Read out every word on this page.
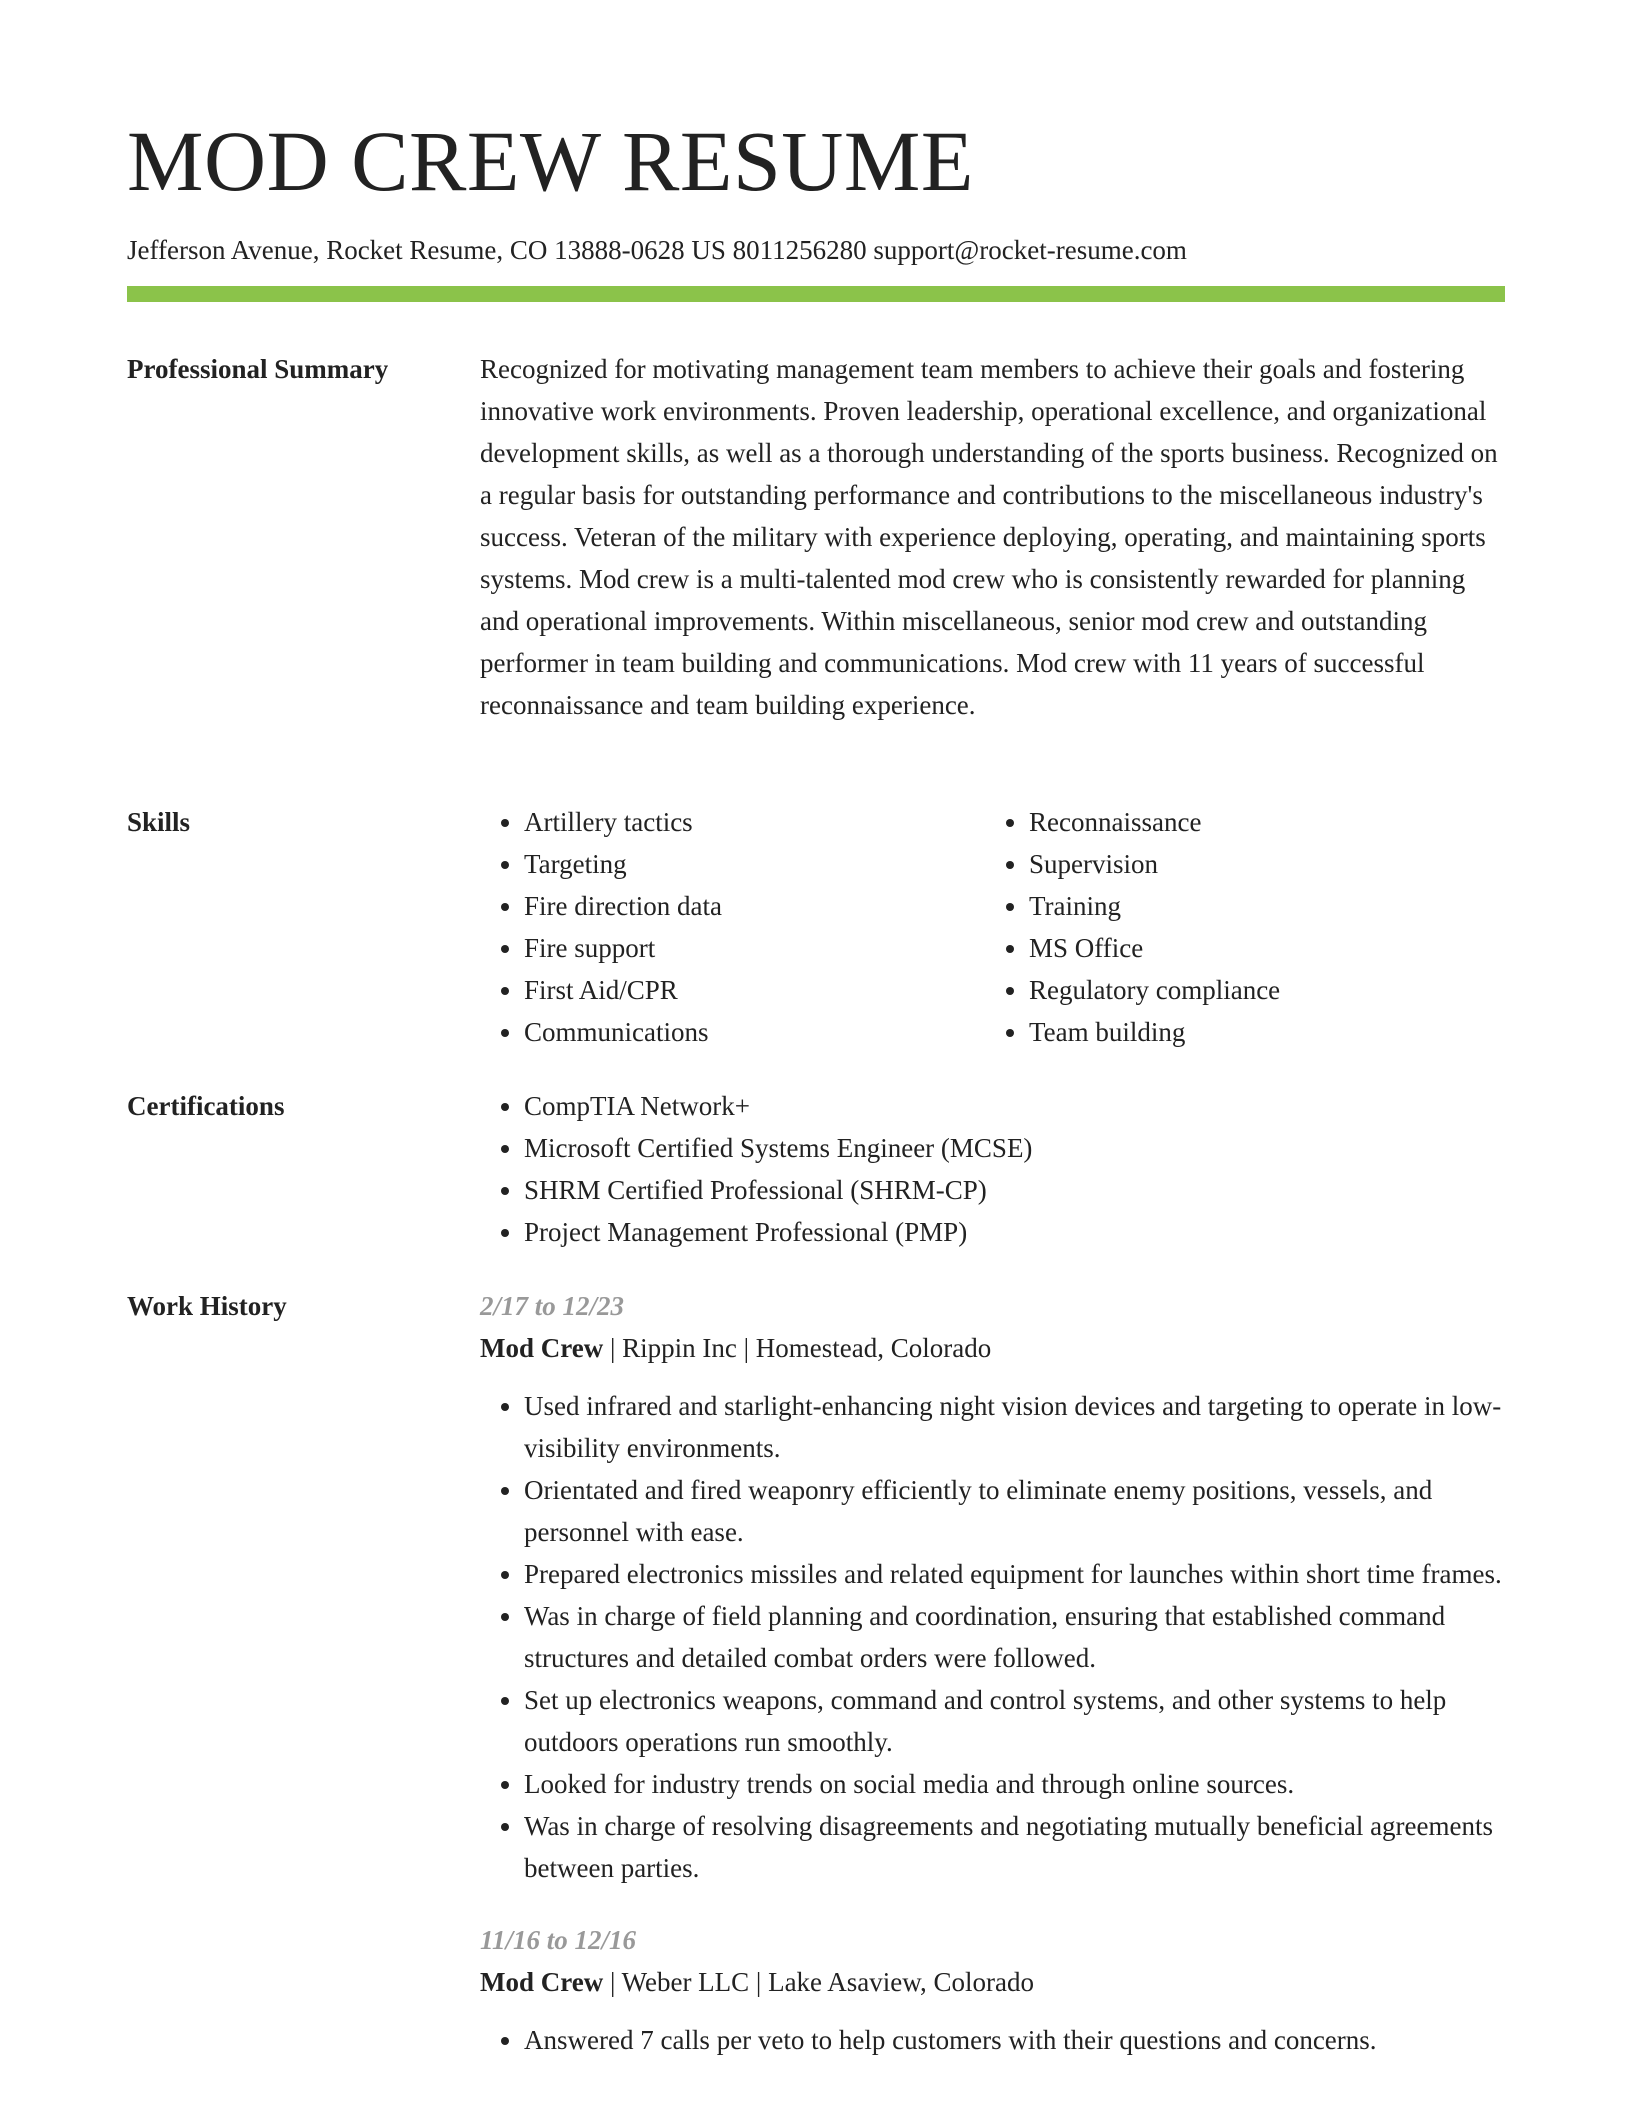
MOD CREW RESUME
Jefferson Avenue, Rocket Resume, CO 13888-0628 US 8011256280 support@rocket-resume.com
Professional Summary	Recognized for motivating management team members to achieve their goals and fostering innovative work environments. Proven leadership, operational excellence, and organizational development skills, as well as a thorough understanding of the sports business. Recognized on a regular basis for outstanding performance and contributions to the miscellaneous industry's success. Veteran of the military with experience deploying, operating, and maintaining sports systems. Mod crew is a multi-talented mod crew who is consistently rewarded for planning and operational improvements. Within miscellaneous, senior mod crew and outstanding performer in team building and communications. Mod crew with 11 years of successful reconnaissance and team building experience.

Skills	• Artillery tactics
• Targeting
• Fire direction data
• Fire support
• First Aid/CPR
• Communications
• Reconnaissance
• Supervision
• Training
• MS Office
• Regulatory compliance
• Team building
Certifications	• CompTIA Network+
• Microsoft Certified Systems Engineer (MCSE)
• SHRM Certified Professional (SHRM-CP)
• Project Management Professional (PMP)
Work History	2/17 to 12/23
Mod Crew | Rippin Inc | Homestead, Colorado
• Used infrared and starlight-enhancing night vision devices and targeting to operate in low-visibility environments.
• Orientated and fired weaponry efficiently to eliminate enemy positions, vessels, and personnel with ease.
• Prepared electronics missiles and related equipment for launches within short time frames.
• Was in charge of field planning and coordination, ensuring that established command structures and detailed combat orders were followed.
• Set up electronics weapons, command and control systems, and other systems to help outdoors operations run smoothly.
• Looked for industry trends on social media and through online sources.
• Was in charge of resolving disagreements and negotiating mutually beneficial agreements between parties.
11/16 to 12/16
Mod Crew | Weber LLC | Lake Asaview, Colorado
• Answered 7 calls per veto to help customers with their questions and concerns.
